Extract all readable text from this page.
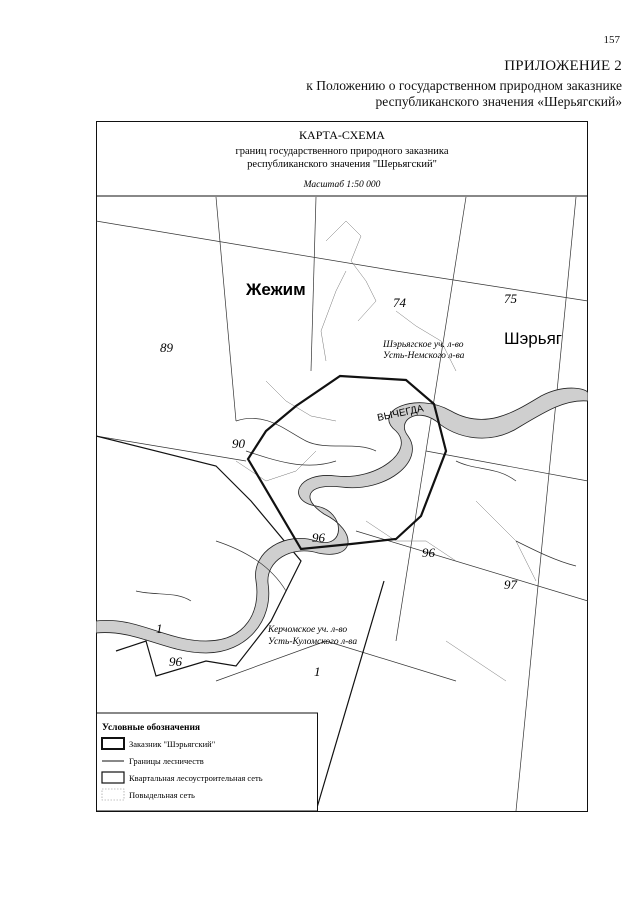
157
ПРИЛОЖЕНИЕ 2
к Положению о государственном природном заказнике
республиканского значения «Шерьягский»
КАРТА-СХЕМА
границ государственного природного заказника
республиканского значения "Шерьягский"
Масштаб 1:50 000
Жежим
Шэрьяг
ВЫЧЕГДА
Шэрьягское уч. л-во
Усть-Немского л-ва
Керчомское уч. л-во
Усть-Куломского л-ва
89
74	75
90
96
96
96
97
1
1
Условные обозначения
Заказник "Шэрьягский"
Границы лесничеств
Квартальная лесоустроительная сеть
Повыдельная сеть
